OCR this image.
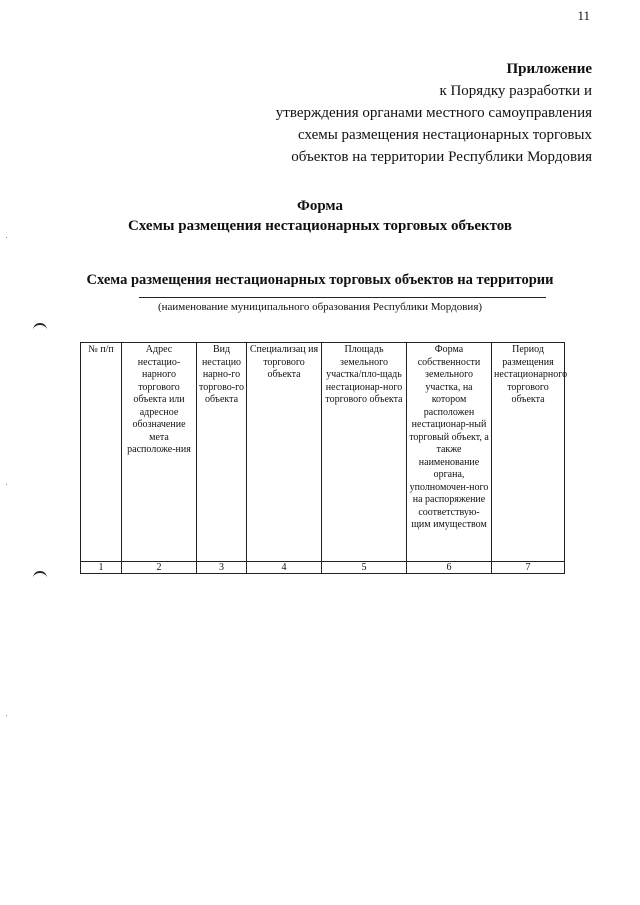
11
Приложение
к Порядку разработки и
утверждения органами местного самоуправления
схемы размещения нестационарных торговых
объектов на территории Республики Мордовия
Форма
Схемы размещения нестационарных торговых объектов
Схема размещения нестационарных торговых объектов на территории
(наименование муниципального образования Республики Мордовия)
№ п/п	Адрес нестацио-нарного торгового объекта или адресное обозначение мета расположе-ния	Вид нестацио нарно-го торгово-го объекта	Специализац ия торгового объекта	Площадь земельного участка/пло-щадь нестационар-ного торгового объекта	Форма собственности земельного участка, на котором расположен нестационар-ный торговый объект, а также наименование органа, уполномочен-ного на распоряжение соответствую-щим имуществом	Период размещения нестационарного торгового объекта
1	2	3	4	5	6	7
